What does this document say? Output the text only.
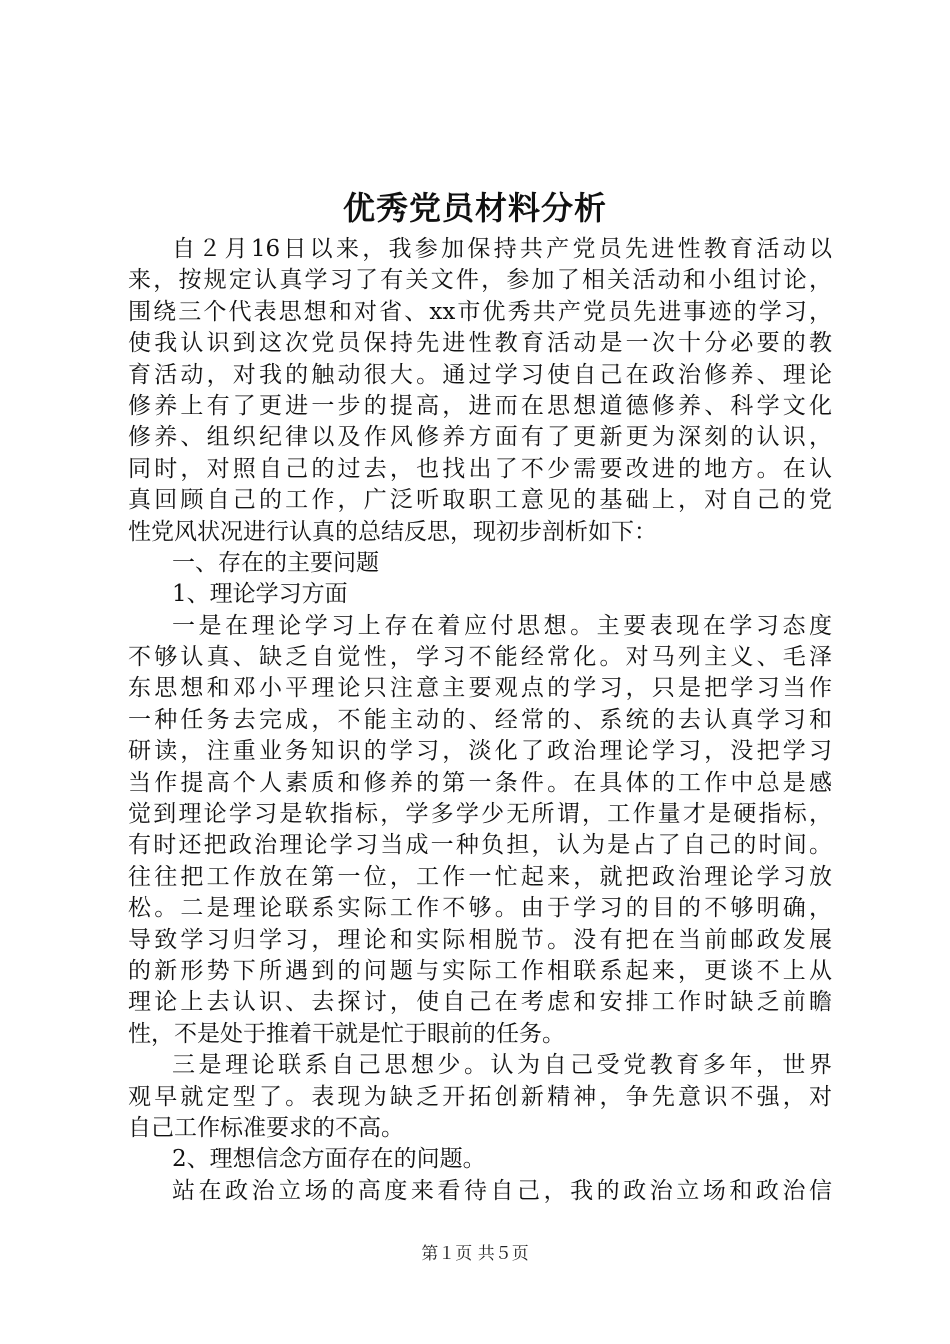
优秀党员材料分析
自２月16日以来，我参加保持共产党员先进性教育活动以
来，按规定认真学习了有关文件，参加了相关活动和小组讨论，
围绕三个代表思想和对省、xx市优秀共产党员先进事迹的学习，
使我认识到这次党员保持先进性教育活动是一次十分必要的教
育活动，对我的触动很大。通过学习使自己在政治修养、理论
修养上有了更进一步的提高，进而在思想道德修养、科学文化
修养、组织纪律以及作风修养方面有了更新更为深刻的认识，
同时，对照自己的过去，也找出了不少需要改进的地方。在认
真回顾自己的工作，广泛听取职工意见的基础上，对自己的党
性党风状况进行认真的总结反思，现初步剖析如下：
一、存在的主要问题
1、理论学习方面
一是在理论学习上存在着应付思想。主要表现在学习态度
不够认真、缺乏自觉性，学习不能经常化。对马列主义、毛泽
东思想和邓小平理论只注意主要观点的学习，只是把学习当作
一种任务去完成，不能主动的、经常的、系统的去认真学习和
研读，注重业务知识的学习，淡化了政治理论学习，没把学习
当作提高个人素质和修养的第一条件。在具体的工作中总是感
觉到理论学习是软指标，学多学少无所谓，工作量才是硬指标，
有时还把政治理论学习当成一种负担，认为是占了自己的时间。
往往把工作放在第一位，工作一忙起来，就把政治理论学习放
松。二是理论联系实际工作不够。由于学习的目的不够明确，
导致学习归学习，理论和实际相脱节。没有把在当前邮政发展
的新形势下所遇到的问题与实际工作相联系起来，更谈不上从
理论上去认识、去探讨，使自己在考虑和安排工作时缺乏前瞻
性，不是处于推着干就是忙于眼前的任务。
三是理论联系自己思想少。认为自己受党教育多年，世界
观早就定型了。表现为缺乏开拓创新精神，争先意识不强，对
自己工作标准要求的不高。
2、理想信念方面存在的问题。
站在政治立场的高度来看待自己，我的政治立场和政治信
第１页 共５页
